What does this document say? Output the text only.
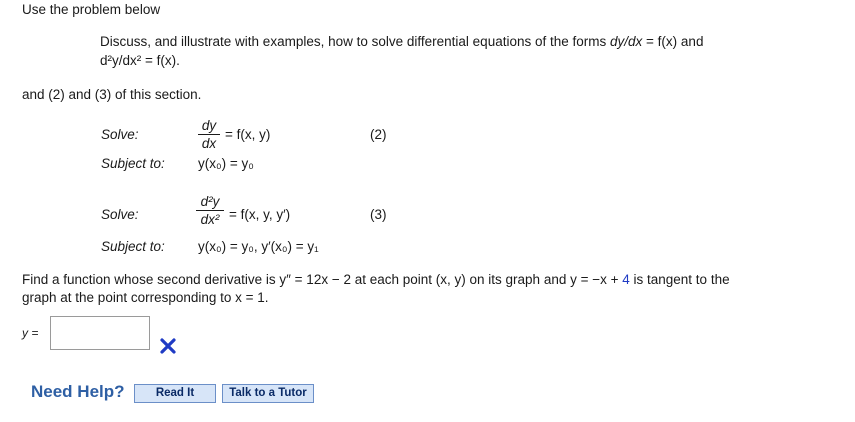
Use the problem below
Discuss, and illustrate with examples, how to solve differential equations of the forms dy/dx = f(x) and
d²y/dx² = f(x).
and (2) and (3) of this section.
Solve:
dy
dx
= f(x, y)	(2)
Subject to: y(x₀) = y₀
Solve:
d²y
dx² = f(x, y, y′)	(3)
Subject to: y(x₀) = y₀, y′(x₀) = y₁
Find a function whose second derivative is y″ = 12x − 2 at each point (x, y) on its graph and y = −x + 4 is tangent to the
graph at the point corresponding to x = 1.
y =
Need Help?	Read It	Talk to a Tutor
